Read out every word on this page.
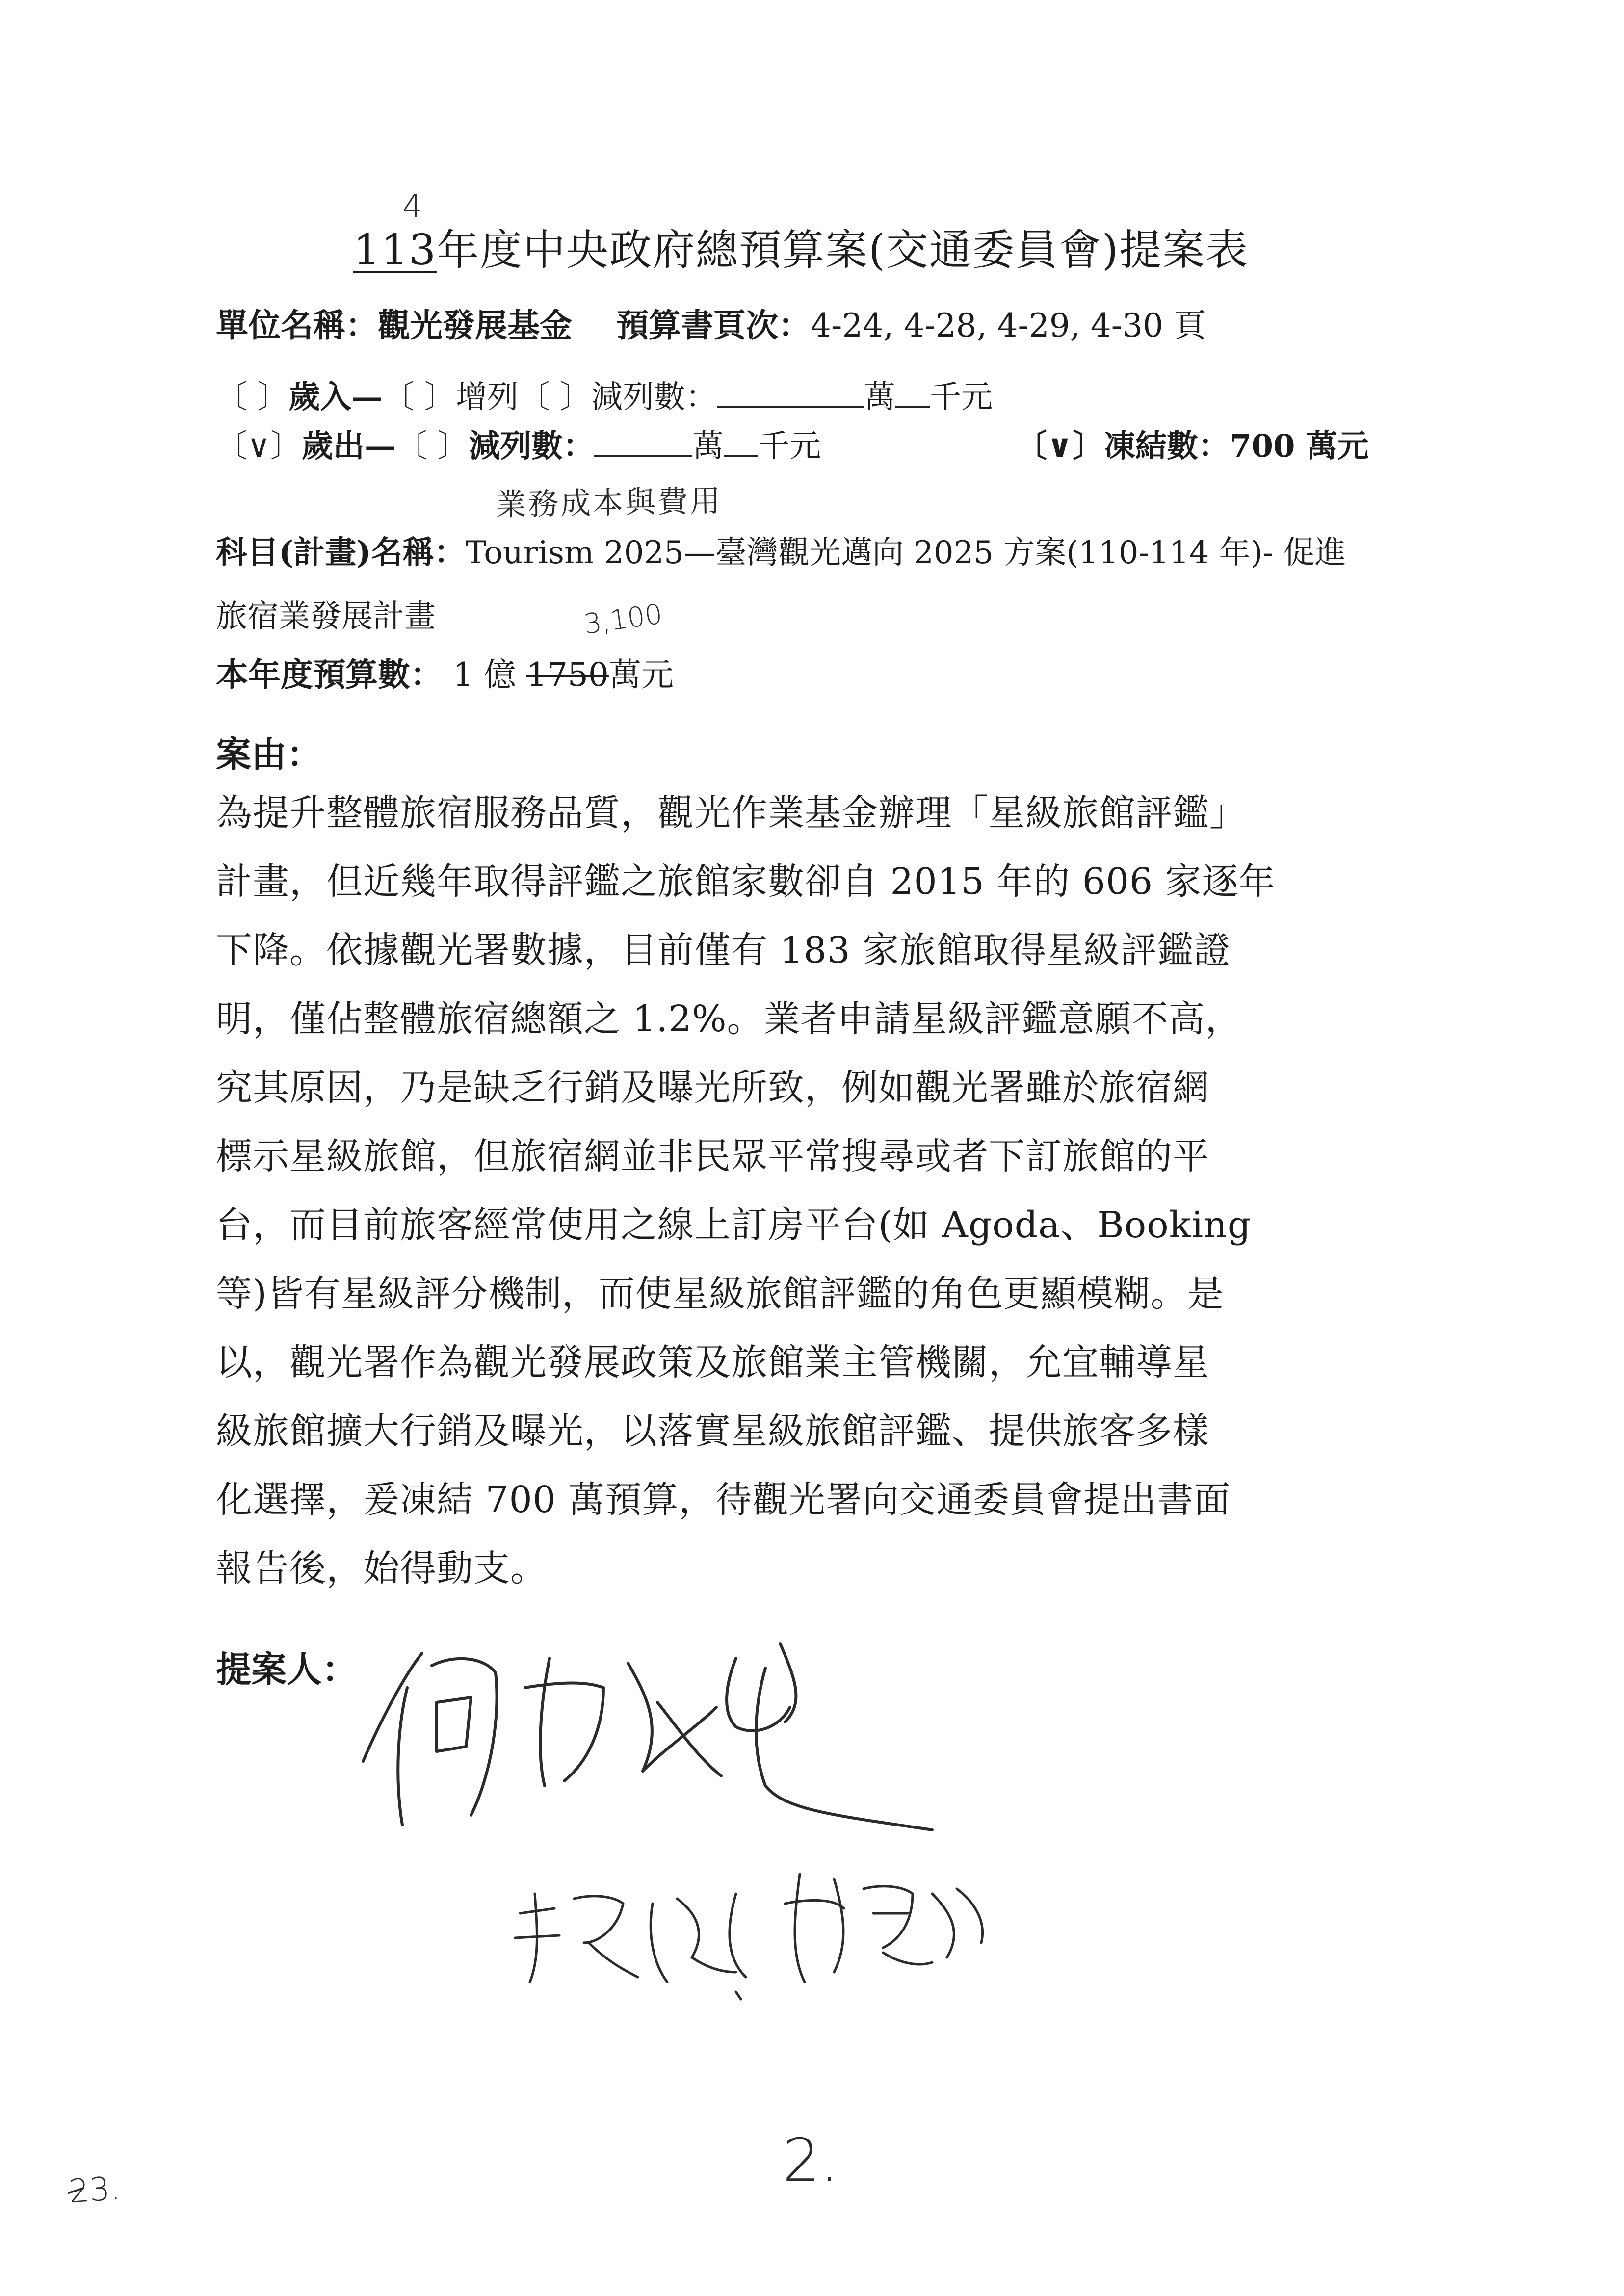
113年度中央政府總預算案(交通委員會)提案表
4
單位名稱：觀光發展基金 預算書頁次：4-24, 4-28, 4-29, 4-30 頁
〔 〕歲入—〔 〕增列〔 〕減列數：	萬 千元
〔∨〕歲出—〔 〕減列數：	萬 千元	〔∨〕凍結數：700 萬元
業務成本與費用
科目(計畫)名稱：Tourism 2025—臺灣觀光邁向 2025 方案(110-114 年)- 促進
旅宿業發展計畫	3,100
本年度預算數： 1 億 1750萬元
案由：
為提升整體旅宿服務品質，觀光作業基金辦理「星級旅館評鑑」
計畫，但近幾年取得評鑑之旅館家數卻自 2015 年的 606 家逐年
下降。依據觀光署數據，目前僅有 183 家旅館取得星級評鑑證
明，僅佔整體旅宿總額之 1.2%。業者申請星級評鑑意願不高，
究其原因，乃是缺乏行銷及曝光所致，例如觀光署雖於旅宿網
標示星級旅館，但旅宿網並非民眾平常搜尋或者下訂旅館的平
台，而目前旅客經常使用之線上訂房平台(如 Agoda、Booking
等)皆有星級評分機制，而使星級旅館評鑑的角色更顯模糊。是
以，觀光署作為觀光發展政策及旅館業主管機關，允宜輔導星
級旅館擴大行銷及曝光，以落實星級旅館評鑑、提供旅客多樣
化選擇，爰凍結 700 萬預算，待觀光署向交通委員會提出書面
報告後，始得動支。
提案人：
2.
23.
